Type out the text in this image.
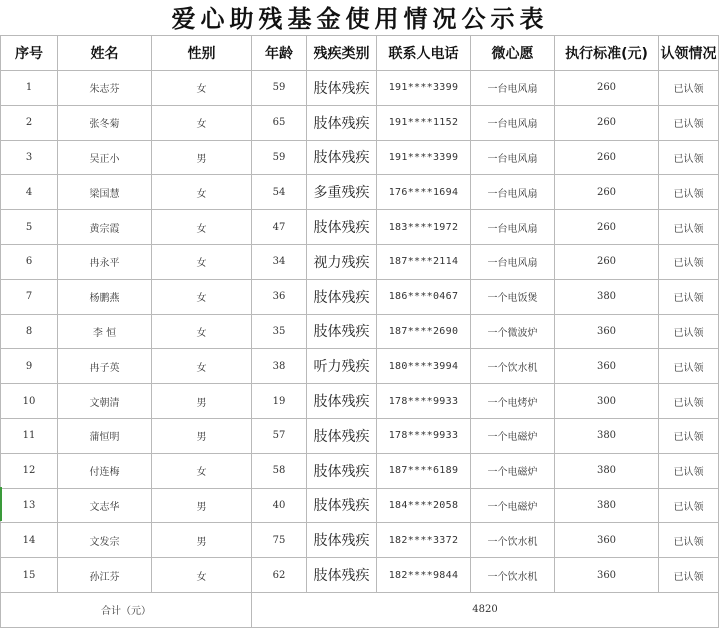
爱心助残基金使用情况公示表
序号	姓名	性别	年龄	残疾类别	联系人电话	微心愿	执行标准(元)	认领情况
1	朱志芬	女	59	肢体残疾	191****3399	一台电风扇	260	已认领
2	张冬菊	女	65	肢体残疾	191****1152	一台电风扇	260	已认领
3	吴正小	男	59	肢体残疾	191****3399	一台电风扇	260	已认领
4	梁国慧	女	54	多重残疾	176****1694	一台电风扇	260	已认领
5	黄宗霞	女	47	肢体残疾	183****1972	一台电风扇	260	已认领
6	冉永平	女	34	视力残疾	187****2114	一台电风扇	260	已认领
7	杨鹏燕	女	36	肢体残疾	186****0467	一个电饭煲	380	已认领
8	李 恒	女	35	肢体残疾	187****2690	一个微波炉	360	已认领
9	冉子英	女	38	听力残疾	180****3994	一个饮水机	360	已认领
10	文朝清	男	19	肢体残疾	178****9933	一个电烤炉	300	已认领
11	蒲恒明	男	57	肢体残疾	178****9933	一个电磁炉	380	已认领
12	付连梅	女	58	肢体残疾	187****6189	一个电磁炉	380	已认领
13	文志华	男	40	肢体残疾	184****2058	一个电磁炉	380	已认领
14	文发宗	男	75	肢体残疾	182****3372	一个饮水机	360	已认领
15	孙江芬	女	62	肢体残疾	182****9844	一个饮水机	360	已认领
合计（元）			4820					
